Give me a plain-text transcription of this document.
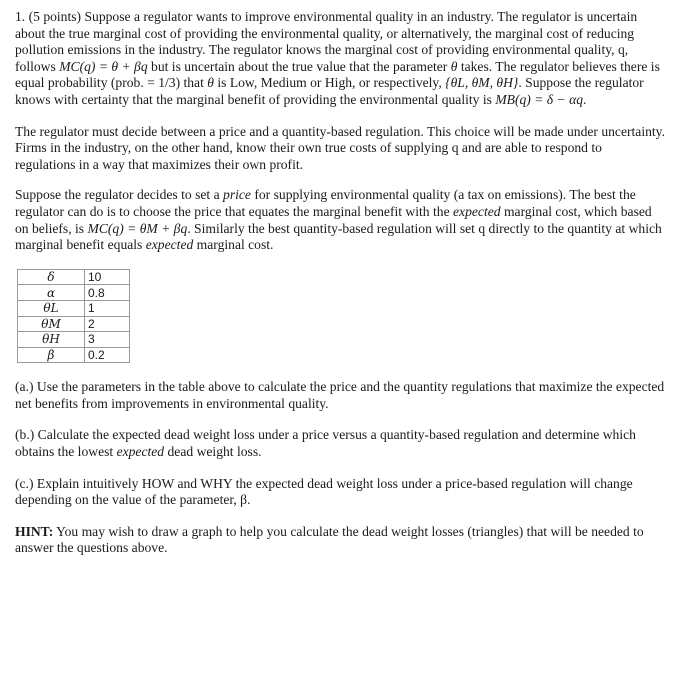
1. (5 points) Suppose a regulator wants to improve environmental quality in an industry. The regulator is uncertain about the true marginal cost of providing the environmental quality, or alternatively, the marginal cost of reducing pollution emissions in the industry. The regulator knows the marginal cost of providing environmental quality, q, follows MC(q) = θ + βq but is uncertain about the true value that the parameter θ takes. The regulator believes there is equal probability (prob. = 1/3) that θ is Low, Medium or High, or respectively, {θL, θM, θH}. Suppose the regulator knows with certainty that the marginal benefit of providing the environmental quality is MB(q) = δ − αq.

The regulator must decide between a price and a quantity-based regulation. This choice will be made under uncertainty. Firms in the industry, on the other hand, know their own true costs of supplying q and are able to respond to regulations in a way that maximizes their own profit.

Suppose the regulator decides to set a price for supplying environmental quality (a tax on emissions). The best the regulator can do is to choose the price that equates the marginal benefit with the expected marginal cost, which based on beliefs, is MC(q) = θM + βq. Similarly the best quantity-based regulation will set q directly to the quantity at which marginal benefit equals expected marginal cost.

δ	10
α	0.8
θL	1
θM	2
θH	3
β	0.2

(a.) Use the parameters in the table above to calculate the price and the quantity regulations that maximize the expected net benefits from improvements in environmental quality.

(b.) Calculate the expected dead weight loss under a price versus a quantity-based regulation and determine which obtains the lowest expected dead weight loss.

(c.) Explain intuitively HOW and WHY the expected dead weight loss under a price-based regulation will change depending on the value of the parameter, β.

HINT: You may wish to draw a graph to help you calculate the dead weight losses (triangles) that will be needed to answer the questions above.
